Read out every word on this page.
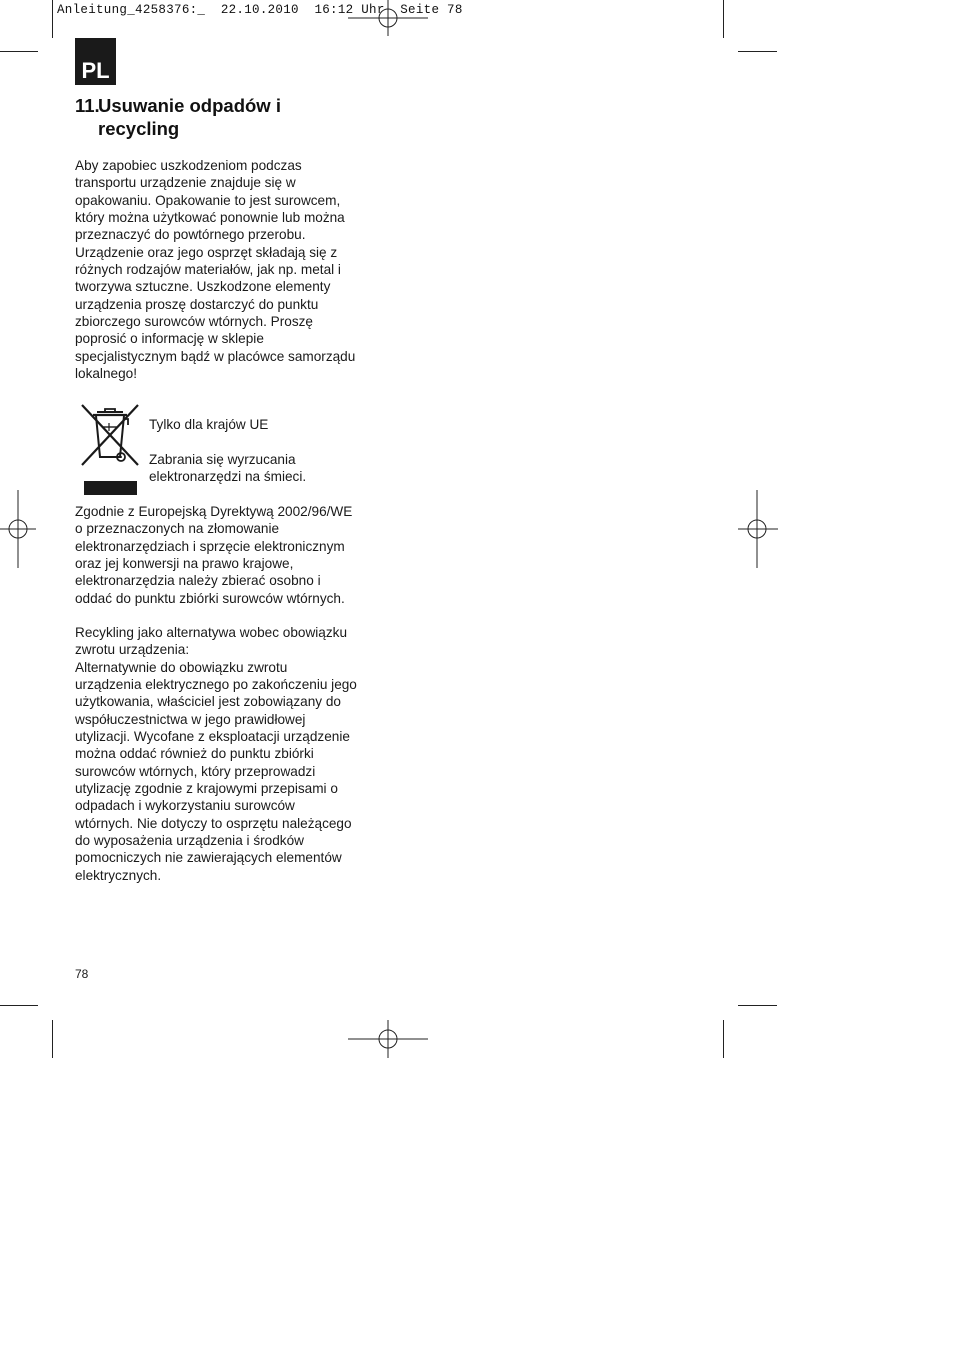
Anleitung_4258376:_  22.10.2010  16:12 Uhr  Seite 78
PL
11.Usuwanie odpadów i
recycling
Aby zapobiec uszkodzeniom podczas
transportu urządzenie znajduje się w
opakowaniu. Opakowanie to jest surowcem,
który można użytkować ponownie lub można
przeznaczyć do powtórnego przerobu.
Urządzenie oraz jego osprzęt składają się z
różnych rodzajów materiałów, jak np. metal i
tworzywa sztuczne. Uszkodzone elementy
urządzenia proszę dostarczyć do punktu
zbiorczego surowców wtórnych. Proszę
poprosić o informację w sklepie
specjalistycznym bądź w placówce samorządu
lokalnego!
Tylko dla krajów UE
Zabrania się wyrzucania
elektronarzędzi na śmieci.
Zgodnie z Europejską Dyrektywą 2002/96/WE
o przeznaczonych na złomowanie
elektronarzędziach i sprzęcie elektronicznym
oraz jej konwersji na prawo krajowe,
elektronarzędzia należy zbierać osobno i
oddać do punktu zbiórki surowców wtórnych.
Recykling jako alternatywa wobec obowiązku
zwrotu urządzenia:
Alternatywnie do obowiązku zwrotu
urządzenia elektrycznego po zakończeniu jego
użytkowania, właściciel jest zobowiązany do
współuczestnictwa w jego prawidłowej
utylizacji. Wycofane z eksploatacji urządzenie
można oddać również do punktu zbiórki
surowców wtórnych, który przeprowadzi
utylizację zgodnie z krajowymi przepisami o
odpadach i wykorzystaniu surowców
wtórnych. Nie dotyczy to osprzętu należącego
do wyposażenia urządzenia i środków
pomocniczych nie zawierających elementów
elektrycznych.
78
